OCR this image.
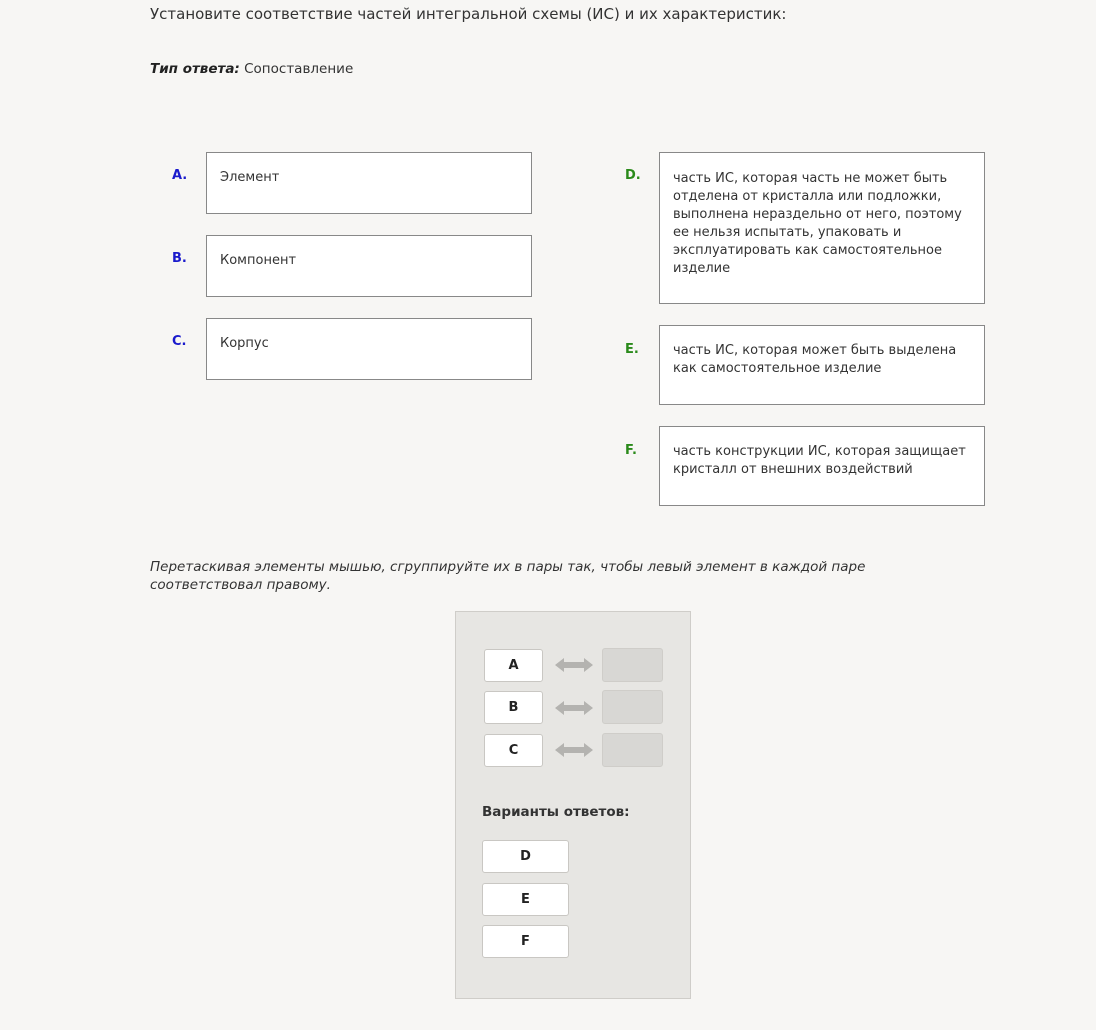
Установите соответствие частей интегральной схемы (ИС) и их характеристик:
Тип ответа: Сопоставление
A.	Элемент
B.	Компонент
C.	Корпус
D.	часть ИС, которая часть не может быть отделена от кристалла или подложки, выполнена нераздельно от него, поэтому ее нельзя испытать, упаковать и эксплуатировать как самостоятельное изделие
E.	часть ИС, которая может быть выделена как самостоятельное изделие
F.	часть конструкции ИС, которая защищает кристалл от внешних воздействий
Перетаскивая элементы мышью, сгруппируйте их в пары так, чтобы левый элемент в каждой паре соответствовал правому.
A
B
C
Варианты ответов:
D
E
F
